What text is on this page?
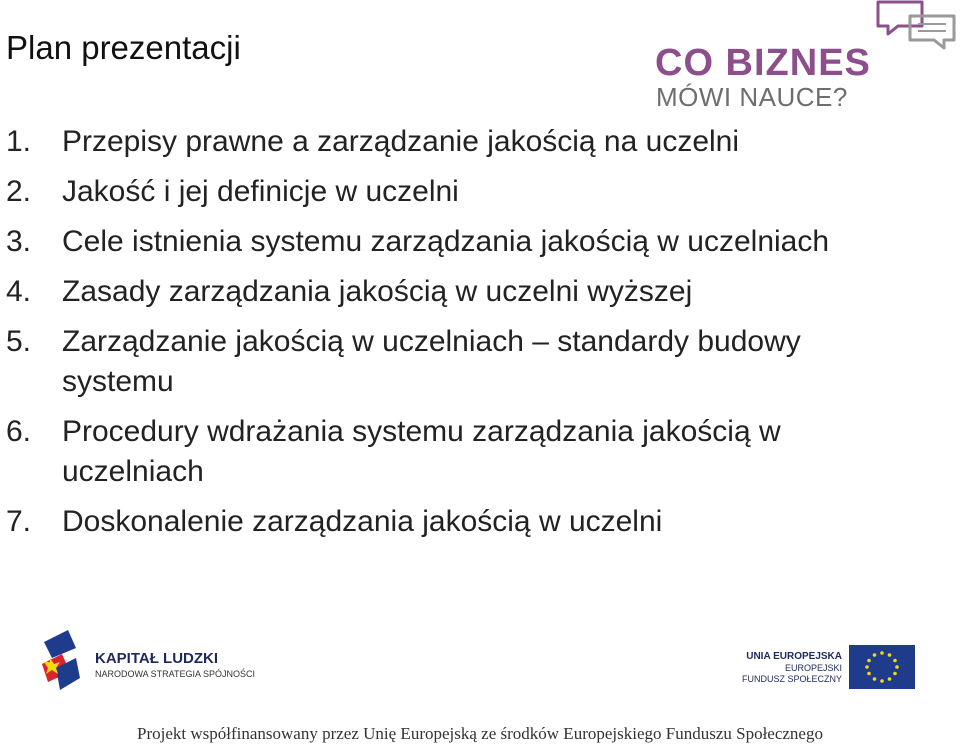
Plan prezentacji	CO BIZNES
MÓWI NAUCE?
1.	Przepisy prawne a zarządzanie jakością na uczelni
2.	Jakość i jej definicje w uczelni
3.	Cele istnienia systemu zarządzania jakością w uczelniach
4.	Zasady zarządzania jakością w uczelni wyższej
5.	Zarządzanie jakością w uczelniach – standardy budowy systemu
6.	Procedury wdrażania systemu zarządzania jakością w uczelniach
7.	Doskonalenie zarządzania jakością w uczelni
KAPITAŁ LUDZKI
NARODOWA STRATEGIA SPÓJNOŚCI
UNIA EUROPEJSKA
EUROPEJSKI
FUNDUSZ SPOŁECZNY
Projekt współfinansowany przez Unię Europejską ze środków Europejskiego Funduszu Społecznego
